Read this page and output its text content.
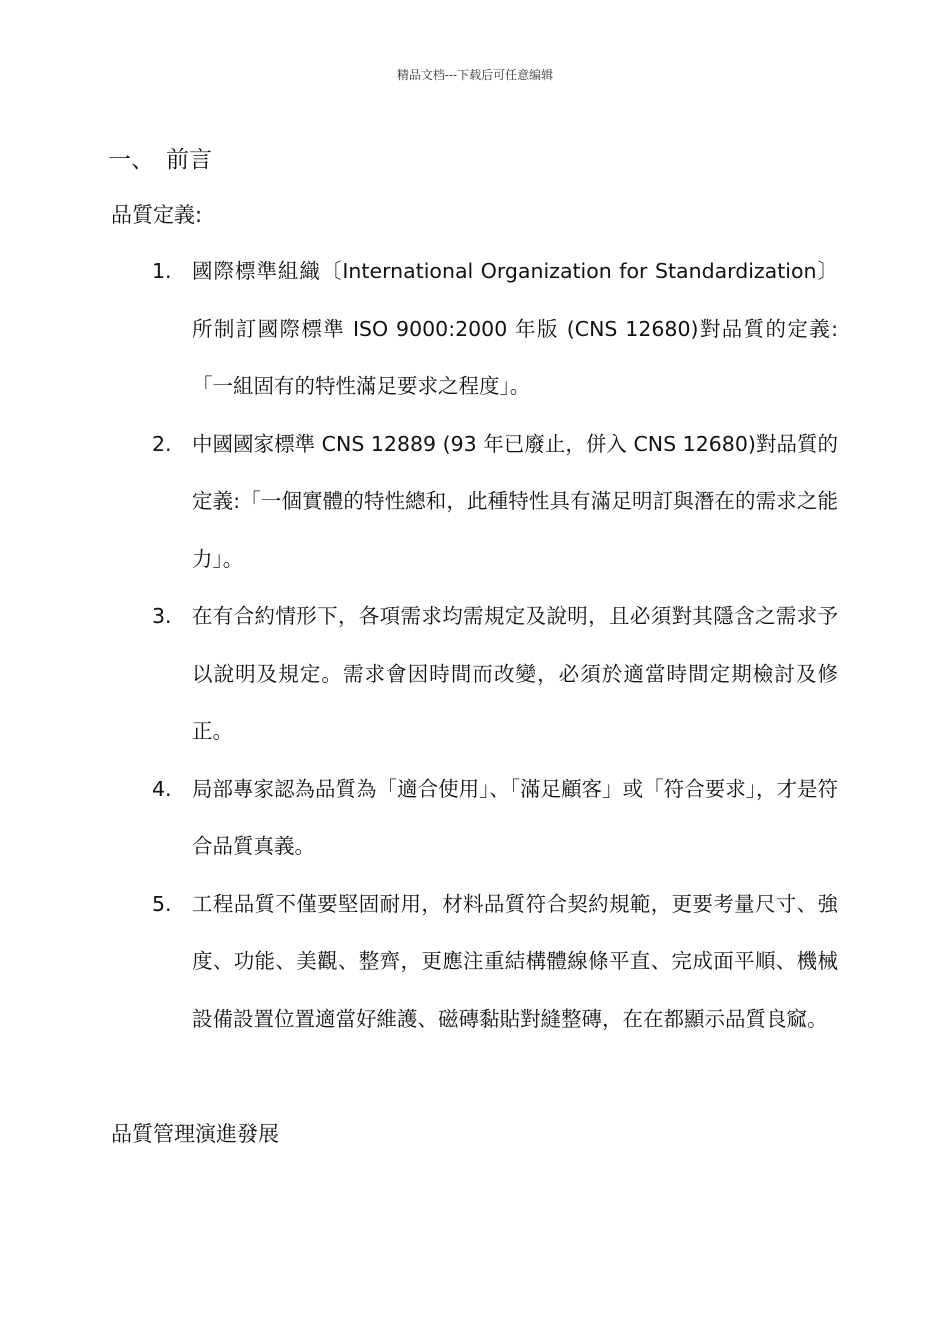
精品文档---下载后可任意编辑
一、 前言
品質定義:
1. 國際標準組織〔International Organization for Standardization〕所制訂國際標準 ISO 9000:2000 年版 (CNS 12680)對品質的定義:「一組固有的特性滿足要求之程度」。
2. 中國國家標準 CNS 12889 (93 年已廢止，併入 CNS 12680)對品質的定義:「一個實體的特性總和，此種特性具有滿足明訂與潛在的需求之能力」。
3. 在有合約情形下，各項需求均需規定及說明，且必須對其隱含之需求予以說明及規定。需求會因時間而改變，必須於適當時間定期檢討及修正。
4. 局部專家認為品質為「適合使用」、「滿足顧客」或「符合要求」，才是符合品質真義。
5. 工程品質不僅要堅固耐用，材料品質符合契約規範，更要考量尺寸、強度、功能、美觀、整齊，更應注重結構體線條平直、完成面平順、機械設備設置位置適當好維護、磁磚黏貼對縫整磚，在在都顯示品質良窳。
品質管理演進發展
